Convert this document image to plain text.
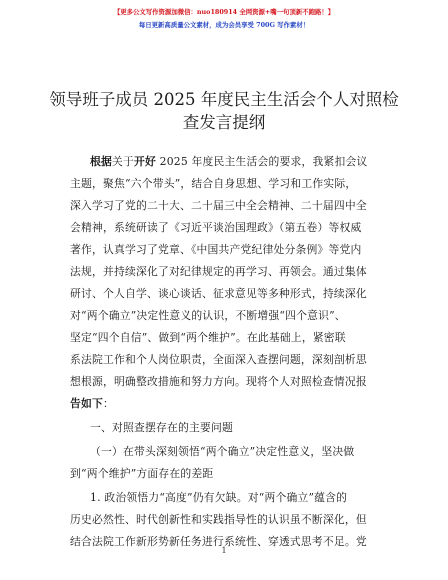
【更多公文写作资源加微信：nuo180914 全网资源+嘴一句顶新不跑路！】
每日更新高质量公文素材，成为会员享受 700G 写作素材！
领导班子成员 2025 年度民主生活会个人对照检
查发言提纲
根据关于开好 2025 年度民主生活会的要求，我紧扣会议
主题，聚焦“六个带头”，结合自身思想、学习和工作实际，
深入学习了党的二十大、二十届三中全会精神、二十届四中全
会精神，系统研读了《习近平谈治国理政》（第五卷）等权威
著作，认真学习了党章、《中国共产党纪律处分条例》等党内
法规，并持续深化了对纪律规定的再学习、再领会。通过集体
研讨、个人自学、谈心谈话、征求意见等多种形式，持续深化
对“两个确立”决定性意义的认识，不断增强“四个意识”、
坚定“四个自信”、做到“两个维护”。在此基础上，紧密联
系法院工作和个人岗位职责，全面深入查摆问题，深刻剖析思
想根源，明确整改措施和努力方向。现将个人对照检查情况报
告如下：
一、对照查摆存在的主要问题
（一）在带头深刻领悟“两个确立”决定性意义，坚决做
到“两个维护”方面存在的差距
1. 政治领悟力“高度”仍有欠缺。对“两个确立”蕴含的
历史必然性、时代创新性和实践指导性的认识虽不断深化，但
结合法院工作新形势新任务进行系统性、穿透式思考不足。党
1
